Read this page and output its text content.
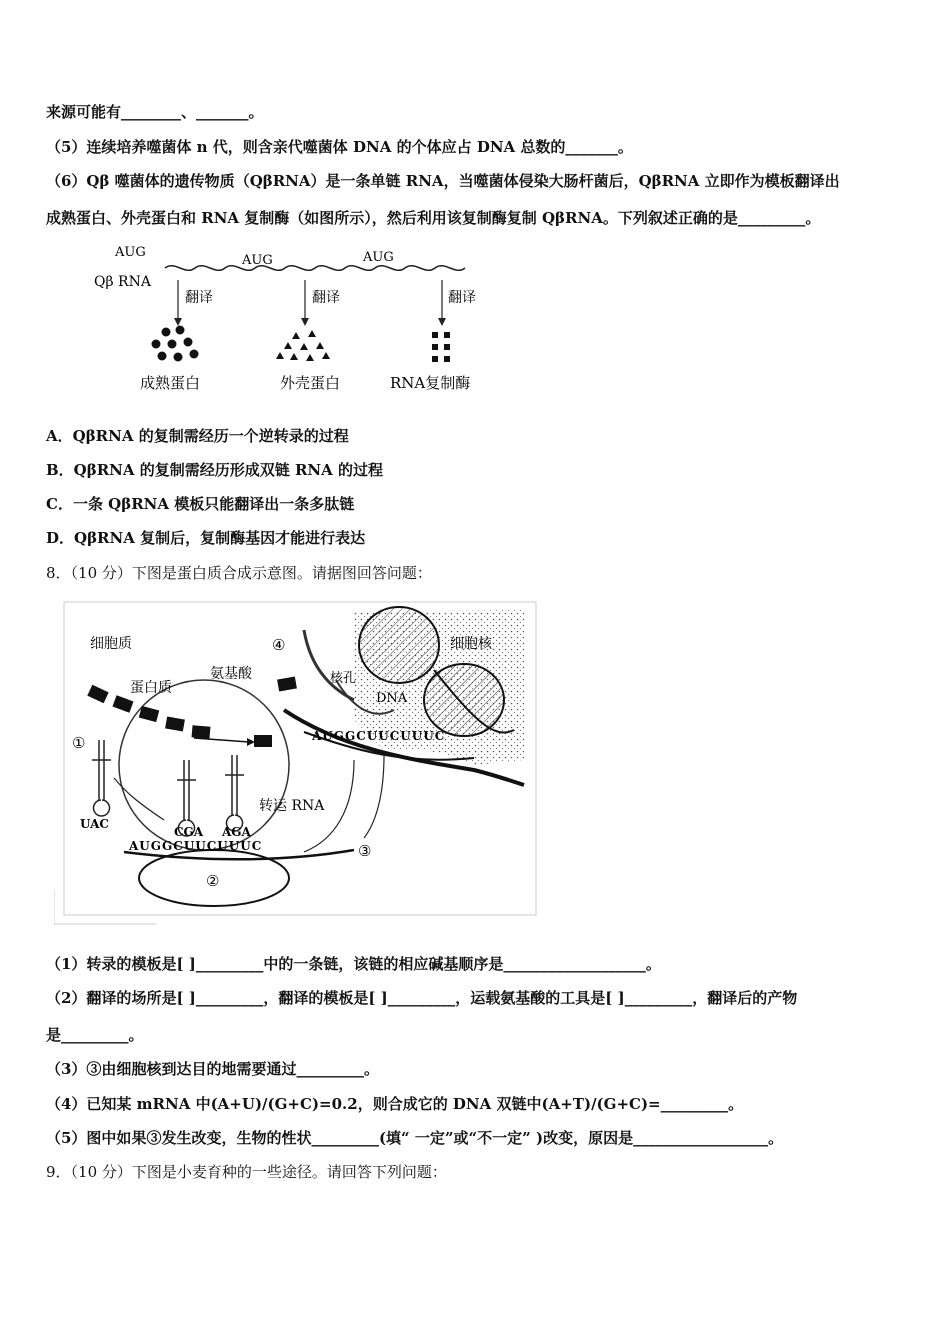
来源可能有________、_______。
（5）连续培养噬菌体 n 代，则含亲代噬菌体 DNA 的个体应占 DNA 总数的_______。
（6）Qβ 噬菌体的遗传物质（QβRNA）是一条单链 RNA，当噬菌体侵染大肠杆菌后，QβRNA 立即作为模板翻译出
成熟蛋白、外壳蛋白和 RNA 复制酶（如图所示），然后利用该复制酶复制 QβRNA。下列叙述正确的是_________。
Qβ RNA
AUG
AUG	AUG
翻译	翻译	翻译
成熟蛋白	外壳蛋白	RNA复制酶
A．QβRNA 的复制需经历一个逆转录的过程
B．QβRNA 的复制需经历形成双链 RNA 的过程
C．一条 QβRNA 模板只能翻译出一条多肽链
D．QβRNA 复制后，复制酶基因才能进行表达
8．（10 分）下图是蛋白质合成示意图。请据图回答问题：
AUGGCUUCUUUC
AUGGCUUCUUUC
UAC
CGA AGA
细胞质	细胞核
蛋白质
氨基酸	核孔
DNA
转运 RNA
①
②
③
④
（1）转录的模板是[ ]_________中的一条链，该链的相应碱基顺序是___________________。
（2）翻译的场所是[ ]_________，翻译的模板是[ ]_________，运载氨基酸的工具是[ ]_________，翻译后的产物
是_________。
（3）③由细胞核到达目的地需要通过_________。
（4）已知某 mRNA 中(A+U)/(G+C)=0.2，则合成它的 DNA 双链中(A+T)/(G+C)=_________。
（5）图中如果③发生改变，生物的性状_________(填“ 一定”或“不一定” )改变，原因是__________________。
9．（10 分）下图是小麦育种的一些途径。请回答下列问题：
